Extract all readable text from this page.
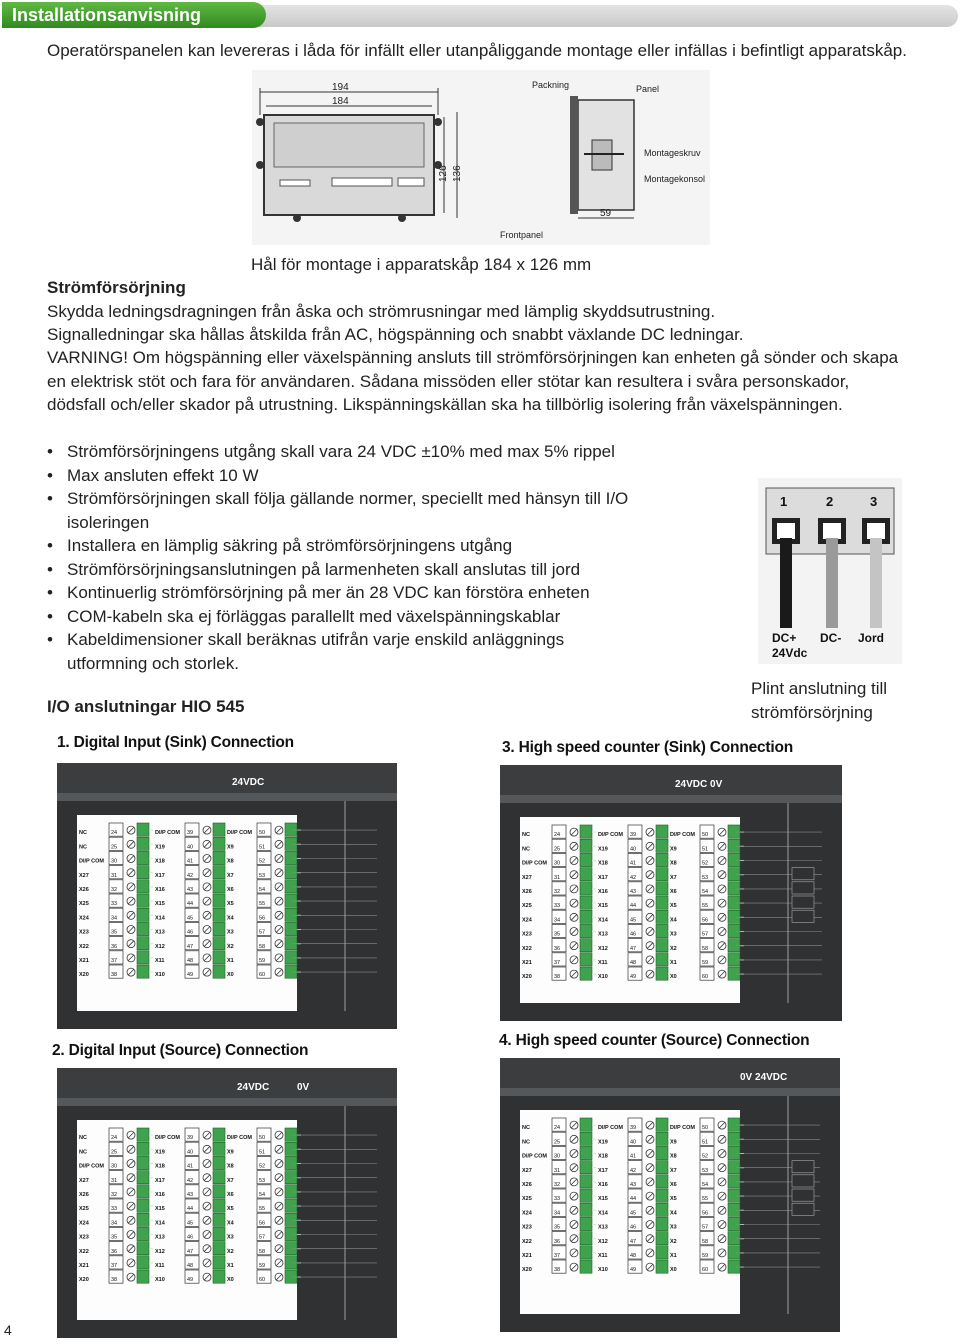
Installationsanvisning
Operatörspanelen kan levereras i låda för infällt eller utanpåliggande montage eller infällas i befintligt apparatskåp.
194
184
126 136
Packning	Panel
Montageskruv
Montagekonsol
59
Frontpanel
Hål för montage i apparatskåp 184 x 126 mm
Strömförsörjning
Skydda ledningsdragningen från åska och strömrusningar med lämplig skyddsutrustning.
Signalledningar ska hållas åtskilda från AC, högspänning och snabbt växlande DC ledningar.
VARNING! Om högspänning eller växelspänning ansluts till strömförsörjningen kan enheten gå sönder och skapa en elektrisk stöt och fara för användaren. Sådana missöden eller stötar kan resultera i svåra personskador, dödsfall och/eller skador på utrustning. Likspänningskällan ska ha tillbörlig isolering från växelspänningen.
• Strömförsörjningens utgång skall vara 24 VDC ±10% med max 5% rippel
• Max ansluten effekt 10 W
• Strömförsörjningen skall följa gällande normer, speciellt med hänsyn till I/O isoleringen
• Installera en lämplig säkring på strömförsörjningens utgång
• Strömförsörjningsanslutningen på larmenheten skall anslutas till jord
• Kontinuerlig strömförsörjning på mer än 28 VDC kan förstöra enheten
• COM-kabeln ska ej förläggas parallellt med växelspänningskablar
• Kabeldimensioner skall beräknas utifrån varje enskild anläggnings utformning och storlek.
1	2	3
DC+
24Vdc
DC- Jord
Plint anslutning till strömförsörjning
I/O anslutningar HIO 545
1. Digital Input (Sink) Connection	3. High speed counter (Sink) Connection
2. Digital Input (Source) Connection
4. High speed counter (Source) Connection
24VDC
NC	24
NC	25
DI/P COM 30
X27	31
X26	32
X25	33
X24	34
X23	35
X22	36
X21	37
X20	38
DI/P COM 39
X19	40
X18	41
X17	42
X16	43
X15	44
X14	45
X13	46
X12	47
X11	48
X10	49
DI/P COM 50
X9	51
X8	52
X7	53
X6	54
X5	55
X4	56
X3	57
X2	58
X1	59
X0	60
24VDC 0V
NC	24
NC	25
DI/P COM 30
X27	31
X26	32
X25	33
X24	34
X23	35
X22	36
X21	37
X20	38
DI/P COM 39
X19	40
X18	41
X17	42
X16	43
X15	44
X14	45
X13	46
X12	47
X11	48
X10	49
DI/P COM 50
X9	51
X8	52
X7	53
X6	54
X5	55
X4	56
X3	57
X2	58
X1	59
X0	60
0V
24VDC
NC	24
NC	25
DI/P COM 30
X27	31
X26	32
X25	33
X24	34
X23	35
X22	36
X21	37
X20	38
DI/P COM 39
X19	40
X18	41
X17	42
X16	43
X15	44
X14	45
X13	46
X12	47
X11	48
X10	49
DI/P COM 50
X9	51
X8	52
X7	53
X6	54
X5	55
X4	56
X3	57
X2	58
X1	59
X0	60
0V 24VDC
NC	24
NC	25
DI/P COM 30
X27	31
X26	32
X25	33
X24	34
X23	35
X22	36
X21	37
X20	38
DI/P COM 39
X19	40
X18	41
X17	42
X16	43
X15	44
X14	45
X13	46
X12	47
X11	48
X10	49
DI/P COM 50
X9	51
X8	52
X7	53
X6	54
X5	55
X4	56
X3	57
X2	58
X1	59
X0	60
4
